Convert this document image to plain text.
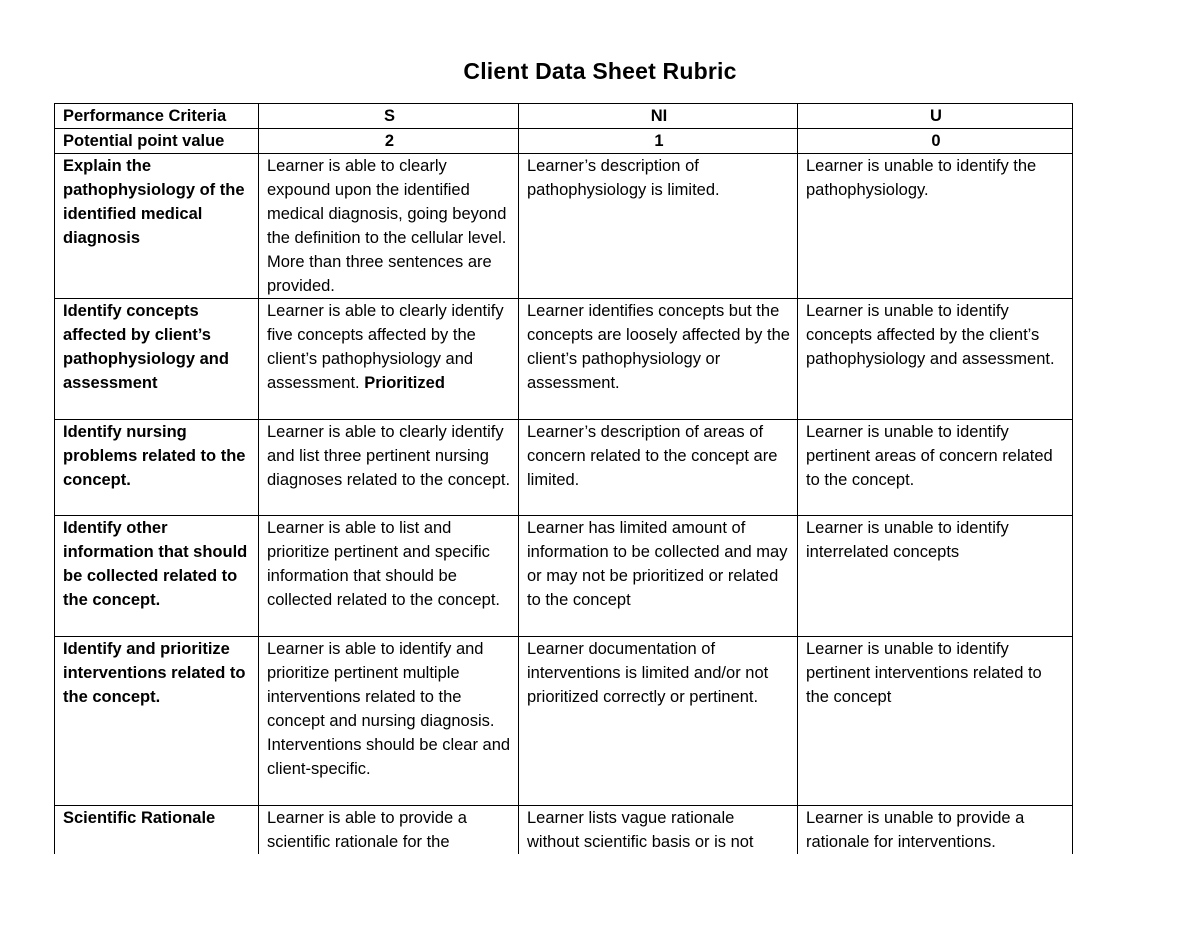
Client Data Sheet Rubric
Performance Criteria	S	NI	U
Potential point value	2	1	0
Explain the pathophysiology of the identified medical diagnosis	Learner is able to clearly expound upon the identified medical diagnosis, going beyond the definition to the cellular level. More than three sentences are provided.	Learner’s description of pathophysiology is limited.	Learner is unable to identify the pathophysiology.
Identify concepts affected by client’s pathophysiology and assessment	Learner is able to clearly identify five concepts affected by the client’s pathophysiology and assessment. Prioritized	Learner identifies concepts but the concepts are loosely affected by the client’s pathophysiology or assessment.	Learner is unable to identify concepts affected by the client’s pathophysiology and assessment.
Identify nursing problems related to the concept.	Learner is able to clearly identify and list three pertinent nursing diagnoses related to the concept.	Learner’s description of areas of concern related to the concept are limited.	Learner is unable to identify pertinent areas of concern related to the concept.
Identify other information that should be collected related to the concept.	Learner is able to list and prioritize pertinent and specific information that should be collected related to the concept.	Learner has limited amount of information to be collected and may or may not be prioritized or related to the concept	Learner is unable to identify interrelated concepts
Identify and prioritize interventions related to the concept.	Learner is able to identify and prioritize pertinent multiple interventions related to the concept and nursing diagnosis. Interventions should be clear and client-specific.	Learner documentation of interventions is limited and/or not prioritized correctly or pertinent.	Learner is unable to identify pertinent interventions related to the concept
Scientific Rationale	Learner is able to provide a scientific rationale for the	Learner lists vague rationale without scientific basis or is not	Learner is unable to provide a rationale for interventions.
